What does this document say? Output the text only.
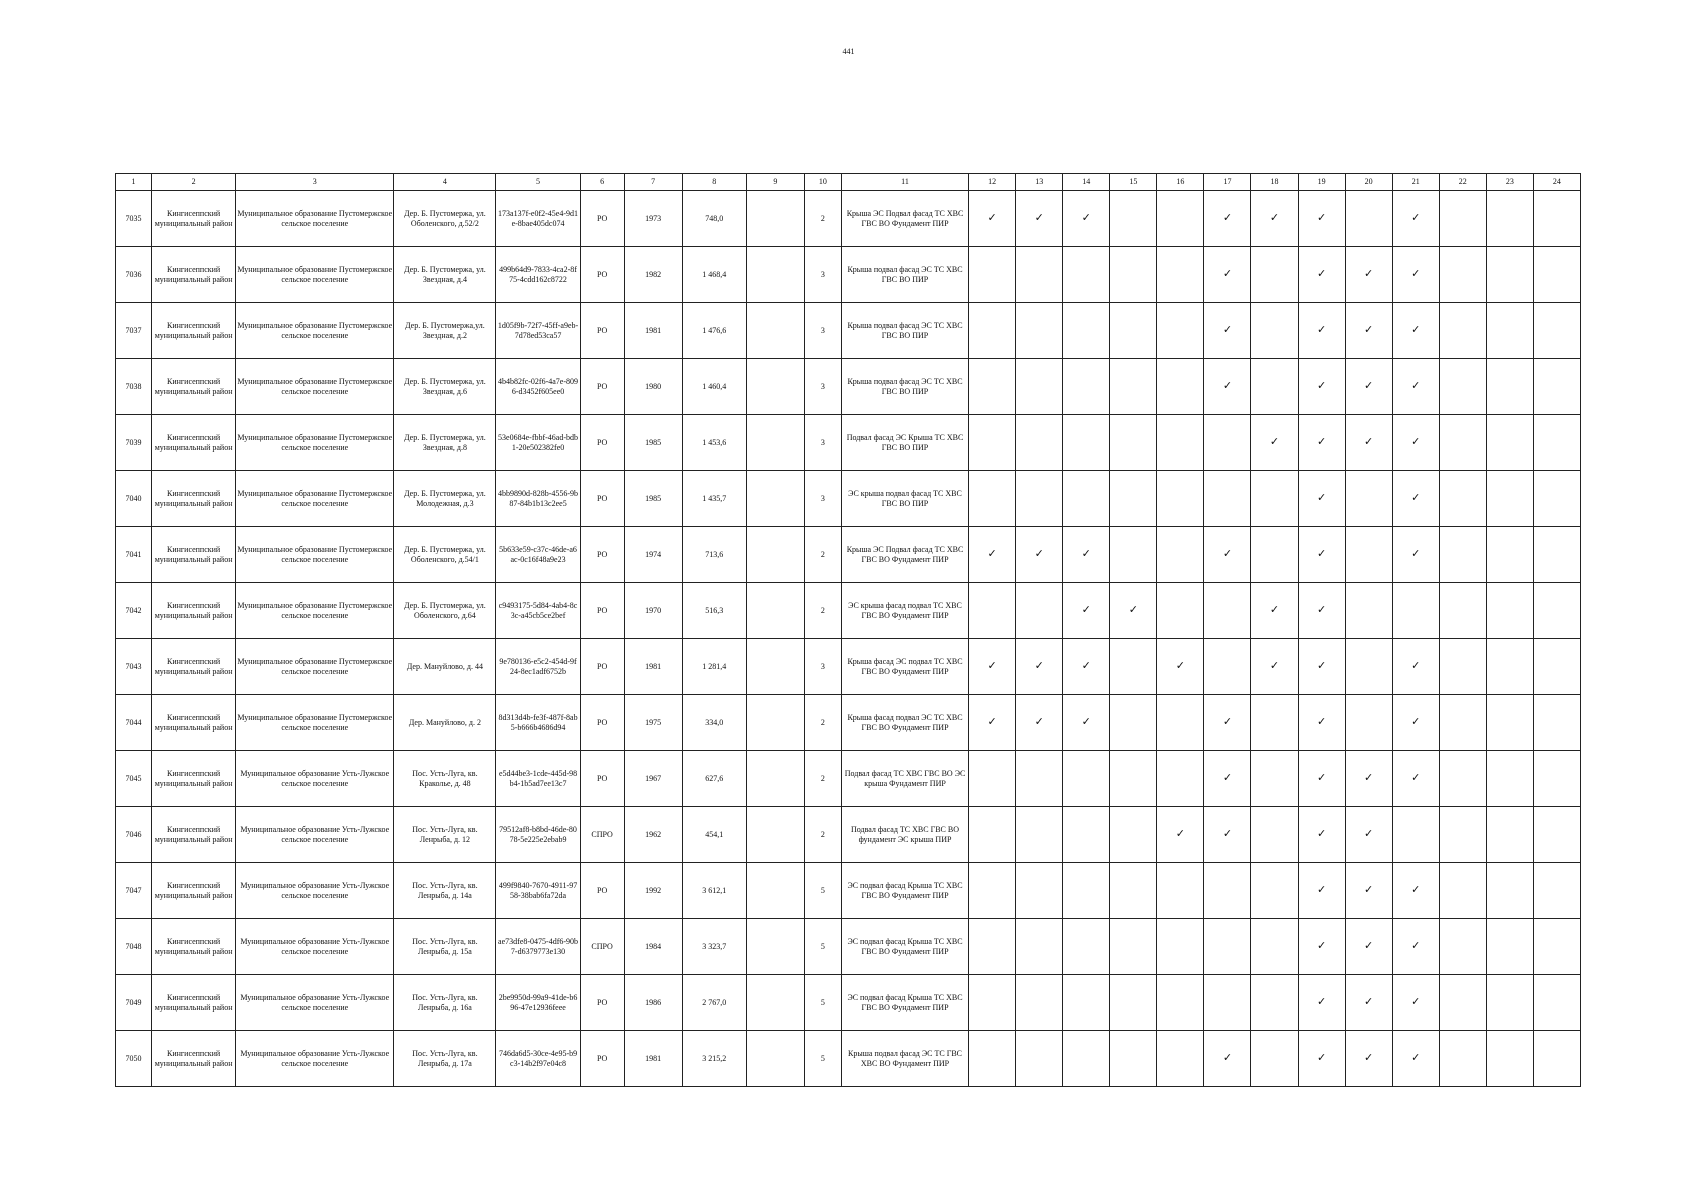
441
1	2	3	4	5	6	7	8	9	10	11	12	13	14	15	16	17	18	19	20	21	22	23	24
7035	Кингисеппский муниципальный район	Муниципальное образование Пустомержское сельское поселение	Дер. Б. Пустомержа, ул. Оболенского, д.52/2	173a137f-e0f2-45e4-9d1e-8bae405dc074	РО	1973	748,0		2	Крыша ЭС Подвал фасад ТС ХВС ГВС ВО Фундамент ПИР	✓	✓	✓			✓	✓	✓		✓			
7036	Кингисеппский муниципальный район	Муниципальное образование Пустомержское сельское поселение	Дер. Б. Пустомержа, ул. Звездная, д.4	499b64d9-7833-4ca2-8f75-4cdd162c8722	РО	1982	1 468,4		3	Крыша подвал фасад ЭС ТС ХВС ГВС ВО ПИР						✓		✓	✓	✓			
7037	Кингисеппский муниципальный район	Муниципальное образование Пустомержское сельское поселение	Дер. Б. Пустомержа,ул. Звездная, д.2	1d05f9b-72f7-45ff-a9eb-7d78ed53ca57	РО	1981	1 476,6		3	Крыша подвал фасад ЭС ТС ХВС ГВС ВО ПИР						✓		✓	✓	✓			
7038	Кингисеппский муниципальный район	Муниципальное образование Пустомержское сельское поселение	Дер. Б. Пустомержа, ул. Звездная, д.6	4b4b82fc-02f6-4a7e-8096-d3452f605ee0	РО	1980	1 460,4		3	Крыша подвал фасад ЭС ТС ХВС ГВС ВО ПИР						✓		✓	✓	✓			
7039	Кингисеппский муниципальный район	Муниципальное образование Пустомержское сельское поселение	Дер. Б. Пустомержа, ул. Звездная, д.8	53e0684e-fbbf-46ad-bdb1-20e502382fe0	РО	1985	1 453,6		3	Подвал фасад ЭС Крыша ТС ХВС ГВС ВО ПИР							✓	✓	✓	✓			
7040	Кингисеппский муниципальный район	Муниципальное образование Пустомержское сельское поселение	Дер. Б. Пустомержа, ул. Молодежная, д.3	4bb9890d-828b-4556-9b87-84b1b13c2ee5	РО	1985	1 435,7		3	ЭС крыша подвал фасад ТС ХВС ГВС ВО ПИР								✓		✓			
7041	Кингисеппский муниципальный район	Муниципальное образование Пустомержское сельское поселение	Дер. Б. Пустомержа, ул. Оболенского, д.54/1	5b633e59-c37c-46de-a6ac-0c16f48a9e23	РО	1974	713,6		2	Крыша ЭС Подвал фасад ТС ХВС ГВС ВО Фундамент ПИР	✓	✓	✓			✓		✓		✓			
7042	Кингисеппский муниципальный район	Муниципальное образование Пустомержское сельское поселение	Дер. Б. Пустомержа, ул. Оболенского, д.64	c9493175-5d84-4ab4-8c3c-a45cb5ce2bef	РО	1970	516,3		2	ЭС крыша фасад подвал ТС ХВС ГВС ВО Фундамент ПИР			✓	✓			✓	✓					
7043	Кингисеппский муниципальный район	Муниципальное образование Пустомержское сельское поселение	Дер. Мануйлово, д. 44	9e780136-e5c2-454d-9f24-8ec1adf6752b	РО	1981	1 281,4		3	Крыша фасад ЭС подвал ТС ХВС ГВС ВО Фундамент ПИР	✓	✓	✓		✓		✓	✓		✓			
7044	Кингисеппский муниципальный район	Муниципальное образование Пустомержское сельское поселение	Дер. Мануйлово, д. 2	8d313d4b-fe3f-487f-8ab5-b666b4686d94	РО	1975	334,0		2	Крыша фасад подвал ЭС ТС ХВС ГВС ВО Фундамент ПИР	✓	✓	✓			✓		✓		✓			
7045	Кингисеппский муниципальный район	Муниципальное образование Усть-Лужское сельское поселение	Пос. Усть-Луга, кв. Краколье, д. 48	e5d44be3-1cde-445d-98b4-1b5ad7ee13c7	РО	1967	627,6		2	Подвал фасад ТС ХВС ГВС ВО ЭС крыша Фундамент ПИР						✓		✓	✓	✓			
7046	Кингисеппский муниципальный район	Муниципальное образование Усть-Лужское сельское поселение	Пос. Усть-Луга, кв. Ленрыба, д. 12	79512af8-b8bd-46de-8078-5e225e2ebab9	СПРО	1962	454,1		2	Подвал фасад ТС ХВС ГВС ВО фундамент ЭС крыша ПИР					✓	✓		✓	✓				
7047	Кингисеппский муниципальный район	Муниципальное образование Усть-Лужское сельское поселение	Пос. Усть-Луга, кв. Ленрыба, д. 14а	499f9840-7670-4911-9758-38bab6fa72da	РО	1992	3 612,1		5	ЭС подвал фасад Крыша ТС ХВС ГВС ВО Фундамент ПИР								✓	✓	✓			
7048	Кингисеппский муниципальный район	Муниципальное образование Усть-Лужское сельское поселение	Пос. Усть-Луга, кв. Ленрыба, д. 15а	ae73dfe8-0475-4df6-90b7-d6379773e130	СПРО	1984	3 323,7		5	ЭС подвал фасад Крыша ТС ХВС ГВС ВО Фундамент ПИР								✓	✓	✓			
7049	Кингисеппский муниципальный район	Муниципальное образование Усть-Лужское сельское поселение	Пос. Усть-Луга, кв. Ленрыба, д. 16а	2be9950d-99a9-41de-b696-47e12936feee	РО	1986	2 767,0		5	ЭС подвал фасад Крыша ТС ХВС ГВС ВО Фундамент ПИР								✓	✓	✓			
7050	Кингисеппский муниципальный район	Муниципальное образование Усть-Лужское сельское поселение	Пос. Усть-Луга, кв. Ленрыба, д. 17а	746da6d5-30ce-4e95-b9c3-14b2f97e04c8	РО	1981	3 215,2		5	Крыша подвал фасад ЭС ТС ГВС ХВС ВО Фундамент ПИР						✓		✓	✓	✓			
